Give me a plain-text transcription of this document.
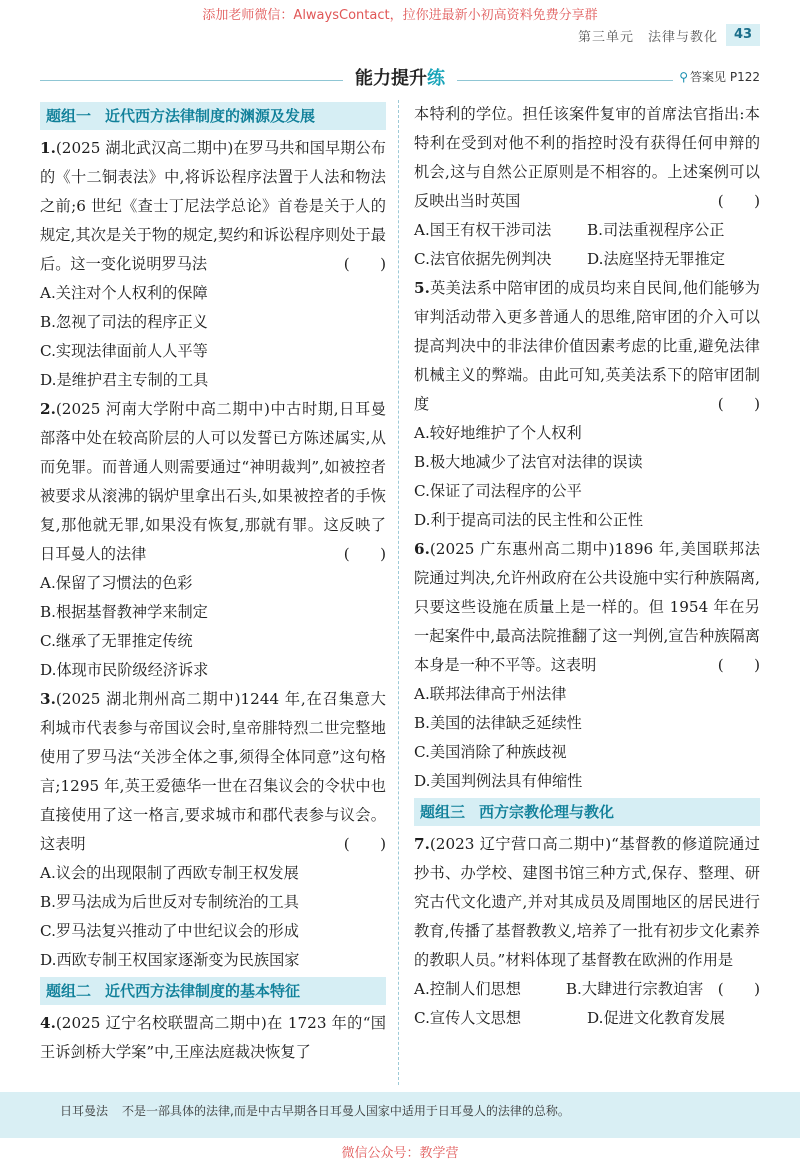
添加老师微信：AlwaysContact，拉你进最新小初高资料免费分享群
第三单元　法律与教化	43
能力提升练	⚲ 答案见 P122
题组一 近代西方法律制度的渊源及发展

1.(2025 湖北武汉高二期中)在罗马共和国早期公布的《十二铜表法》中,将诉讼程序法置于人法和物法之前;6 世纪《查士丁尼法学总论》首卷是关于人的规定,其次是关于物的规定,契约和诉讼程序则处于最后。这一变化说明罗马法	(　　)

A.关注对个人权利的保障

B.忽视了司法的程序正义

C.实现法律面前人人平等

D.是维护君主专制的工具

2.(2025 河南大学附中高二期中)中古时期,日耳曼部落中处在较高阶层的人可以发誓已方陈述属实,从而免罪。而普通人则需要通过“神明裁判”,如被控者被要求从滚沸的锅炉里拿出石头,如果被控者的手恢复,那他就无罪,如果没有恢复,那就有罪。这反映了日耳曼人的法律	(　　)

A.保留了习惯法的色彩

B.根据基督教神学来制定

C.继承了无罪推定传统

D.体现市民阶级经济诉求

3.(2025 湖北荆州高二期中)1244 年,在召集意大利城市代表参与帝国议会时,皇帝腓特烈二世完整地使用了罗马法“关涉全体之事,须得全体同意”这句格言;1295 年,英王爱德华一世在召集议会的令状中也直接使用了这一格言,要求城市和郡代表参与议会。这表明	(　　)

A.议会的出现限制了西欧专制王权发展

B.罗马法成为后世反对专制统治的工具

C.罗马法复兴推动了中世纪议会的形成

D.西欧专制王权国家逐渐变为民族国家

题组二 近代西方法律制度的基本特征

4.(2025 辽宁名校联盟高二期中)在 1723 年的“国王诉剑桥大学案”中,王座法庭裁决恢复了

本特利的学位。担任该案件复审的首席法官指出:本特利在受到对他不利的指控时没有获得任何申辩的机会,这与自然公正原则是不相容的。上述案例可以反映出当时英国	(　　)

A.国王有权干涉司法	B.司法重视程序公正

C.法官依据先例判决	D.法庭坚持无罪推定

5.英美法系中陪审团的成员均来自民间,他们能够为审判活动带入更多普通人的思维,陪审团的介入可以提高判决中的非法律价值因素考虑的比重,避免法律机械主义的弊端。由此可知,英美法系下的陪审团制度	(　　)

A.较好地维护了个人权利

B.极大地减少了法官对法律的误读

C.保证了司法程序的公平

D.利于提高司法的民主性和公正性

6.(2025 广东惠州高二期中)1896 年,美国联邦法院通过判决,允许州政府在公共设施中实行种族隔离,只要这些设施在质量上是一样的。但 1954 年在另一起案件中,最高法院推翻了这一判例,宣告种族隔离本身是一种不平等。这表明	(　　)

A.联邦法律高于州法律

B.美国的法律缺乏延续性

C.美国消除了种族歧视

D.美国判例法具有伸缩性

题组三 西方宗教伦理与教化

7.(2023 辽宁营口高二期中)“基督教的修道院通过抄书、办学校、建图书馆三种方式,保存、整理、研究古代文化遗产,并对其成员及周围地区的居民进行教育,传播了基督教教义,培养了一批有初步文化素养的教职人员。”材料体现了基督教在欧洲的作用是
(　　)

A.控制人们思想	B.大肆进行宗教迫害

C.宣传人文思想	D.促进文化教育发展

日耳曼法 不是一部具体的法律,而是中古早期各日耳曼人国家中适用于日耳曼人的法律的总称。
微信公众号：教学营
